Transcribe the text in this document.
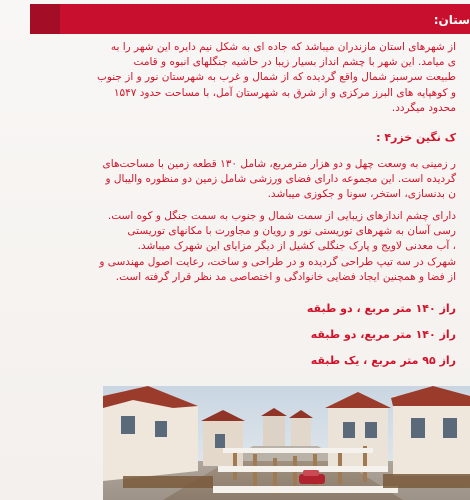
ستان:
از شهرهای استان مازندران میباشد که جاده ای به شکل نیم دایره این شهر را به
ی میامد. این شهر با چشم انداز بسیار زیبا در حاشیه جنگلهای انبوه و قامت
طبیعت سرسبز شمال واقع گردیده که از شمال و غرب به شهرستان نور و از جنوب
و کوهپایه های البرز مرکزی و از شرق به شهرستان آمل، با مساحت حدود ۱۵۴۷
محدود میگردد.
ک نگین خزر۴ :
ر زمینی به وسعت چهل و دو هزار مترمربع، شامل ۱۳۰ قطعه زمین با مساحت‌های
گردیده است. این مجموعه دارای فضای ورزشی شامل زمین دو منظوره والیبال و
ن بدنسازی، استخر، سونا و جکوزی میباشد.
دارای چشم اندازهای زیبایی از سمت شمال و جنوب به سمت جنگل و کوه است.
رسی آسان به شهرهای توریستی نور و رویان و مجاورت با مکانهای توریستی
، آب معدنی لاویج و پارک جنگلی کشیل از دیگر مزایای این شهرک میباشد.
شهرک در سه تیپ طراحی گردیده و در طراحی و ساخت، رعایت اصول مهندسی و
از فضا و همچنین ایجاد فضایی خانوادگی و اختصاصی مد نظر قرار گرفته است.
راز ۱۴۰ متر مربع ، دو طبقه
راز ۱۴۰ متر مربع، دو طبقه
راز ۹۵ متر مربع ، یک طبقه
